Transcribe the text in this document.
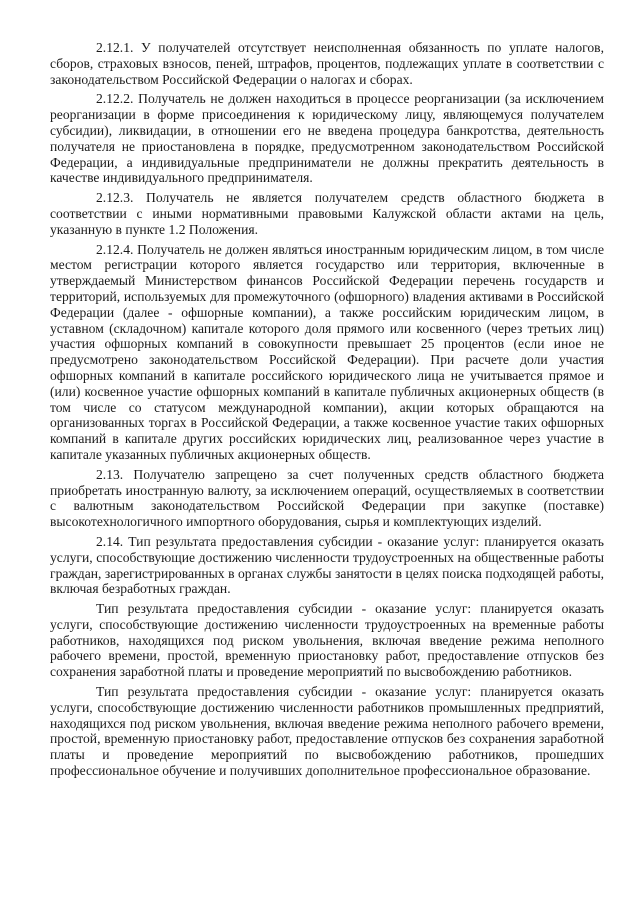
2.12.1. У получателей отсутствует неисполненная обязанность по уплате налогов, сборов, страховых взносов, пеней, штрафов, процентов, подлежащих уплате в соответствии с законодательством Российской Федерации о налогах и сборах.

2.12.2. Получатель не должен находиться в процессе реорганизации (за исключением реорганизации в форме присоединения к юридическому лицу, являющемуся получателем субсидии), ликвидации, в отношении его не введена процедура банкротства, деятельность получателя не приостановлена в порядке, предусмотренном законодательством Российской Федерации, а индивидуальные предприниматели не должны прекратить деятельность в качестве индивидуального предпринимателя.

2.12.3. Получатель не является получателем средств областного бюджета в соответствии с иными нормативными правовыми Калужской области актами на цель, указанную в пункте 1.2 Положения.

2.12.4. Получатель не должен являться иностранным юридическим лицом, в том числе местом регистрации которого является государство или территория, включенные в утверждаемый Министерством финансов Российской Федерации перечень государств и территорий, используемых для промежуточного (офшорного) владения активами в Российской Федерации (далее - офшорные компании), а также российским юридическим лицом, в уставном (складочном) капитале которого доля прямого или косвенного (через третьих лиц) участия офшорных компаний в совокупности превышает 25 процентов (если иное не предусмотрено законодательством Российской Федерации). При расчете доли участия офшорных компаний в капитале российского юридического лица не учитывается прямое и (или) косвенное участие офшорных компаний в капитале публичных акционерных обществ (в том числе со статусом международной компании), акции которых обращаются на организованных торгах в Российской Федерации, а также косвенное участие таких офшорных компаний в капитале других российских юридических лиц, реализованное через участие в капитале указанных публичных акционерных обществ.

2.13. Получателю запрещено за счет полученных средств областного бюджета приобретать иностранную валюту, за исключением операций, осуществляемых в соответствии с валютным законодательством Российской Федерации при закупке (поставке) высокотехнологичного импортного оборудования, сырья и комплектующих изделий.

2.14. Тип результата предоставления субсидии - оказание услуг: планируется оказать услуги, способствующие достижению численности трудоустроенных на общественные работы граждан, зарегистрированных в органах службы занятости в целях поиска подходящей работы, включая безработных граждан.

Тип результата предоставления субсидии - оказание услуг: планируется оказать услуги, способствующие достижению численности трудоустроенных на временные работы работников, находящихся под риском увольнения, включая введение режима неполного рабочего времени, простой, временную приостановку работ, предоставление отпусков без сохранения заработной платы и проведение мероприятий по высвобождению работников.

Тип результата предоставления субсидии - оказание услуг: планируется оказать услуги, способствующие достижению численности работников промышленных предприятий, находящихся под риском увольнения, включая введение режима неполного рабочего времени, простой, временную приостановку работ, предоставление отпусков без сохранения заработной платы и проведение мероприятий по высвобождению работников, прошедших профессиональное обучение и получивших дополнительное профессиональное образование.
